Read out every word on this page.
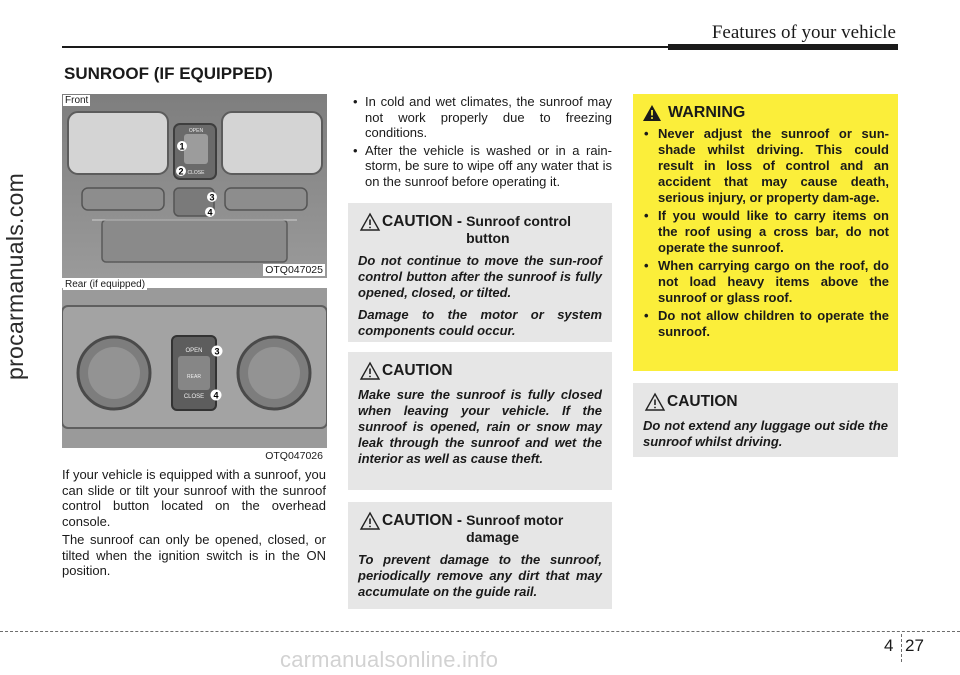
Features of your vehicle
procarmanuals.com
carmanualsonline.info
SUNROOF (IF EQUIPPED)
OPEN
CLOSE
1
2
3
4
Front
OTQ047025
OPEN
REAR
CLOSE
3
4
Rear (if equipped)
OTQ047026

If your vehicle is equipped with a sunroof, you can slide or tilt your sunroof with the sunroof control button located on the overhead console.

The sunroof can only be opened, closed, or tilted when the ignition switch is in the ON position.

• In cold and wet climates, the sunroof may not work properly due to freezing conditions.
• After the vehicle is washed or in a rain-storm, be sure to wipe off any water that is on the sunroof before operating it.
CAUTION - Sunroof control button

Do not continue to move the sun-roof control button after the sunroof is fully opened, closed, or tilted.

Damage to the motor or system components could occur.

CAUTION

Make sure the sunroof is fully closed when leaving your vehicle. If the sunroof is opened, rain or snow may leak through the sunroof and wet the interior as well as cause theft.

CAUTION - Sunroof motor damage

To prevent damage to the sunroof, periodically remove any dirt that may accumulate on the guide rail.

WARNING
• Never adjust the sunroof or sun-shade whilst driving. This could result in loss of control and an accident that may cause death, serious injury, or property dam-age.
• If you would like to carry items on the roof using a cross bar, do not operate the sunroof.
• When carrying cargo on the roof, do not load heavy items above the sunroof or glass roof.
• Do not allow children to operate the sunroof.
CAUTION

Do not extend any luggage out side the sunroof whilst driving.

4 27
